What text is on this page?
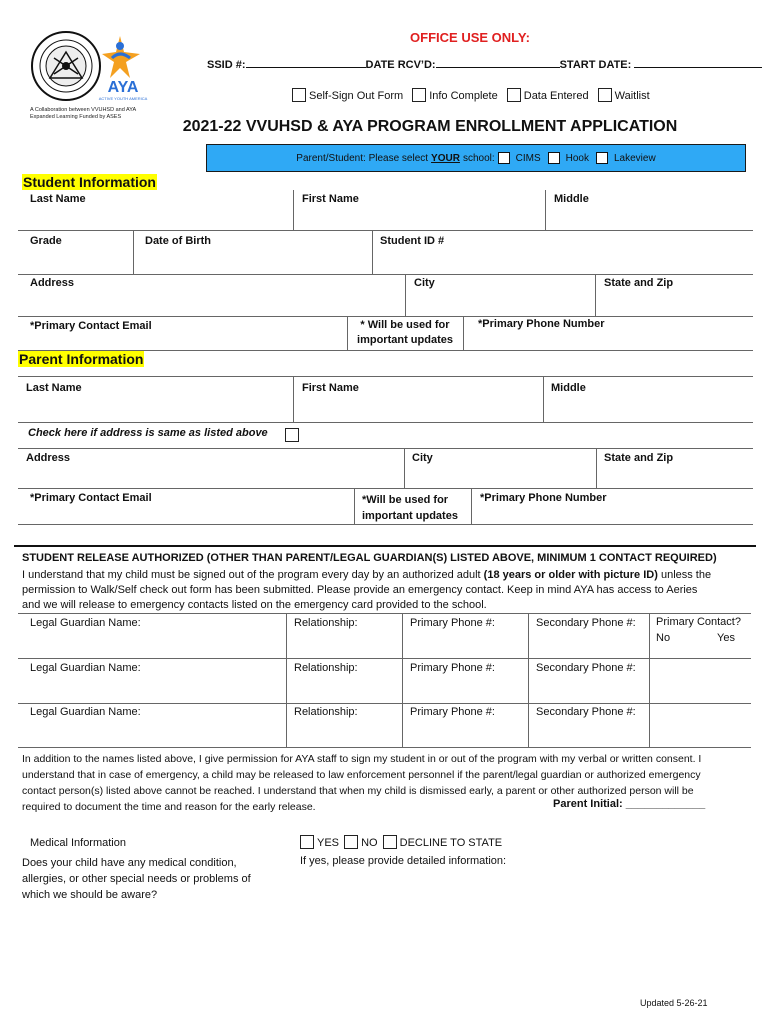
OFFICE USE ONLY:
SSID #:	DATE RCV’D:	START DATE:
Self-Sign Out Form Info Complete Data Entered Waitlist
AYA
ACTIVE YOUTH AMERICA
A Collaboration between VVUHSD and AYA
Expanded Learning Funded by ASES
2021-22 VVUHSD & AYA PROGRAM ENROLLMENT APPLICATION
Parent/Student: Please select YOUR school: CIMS	Hook	Lakeview
Student Information
Last Name	First Name	Middle
Grade	Date of Birth	Student ID #
Address	City	State and Zip
*Primary Contact Email	* Will be used for
important updates
*Primary Phone Number
Parent Information
Last Name	First Name	Middle
Check here if address is same as listed above
Address	City	State and Zip
*Primary Contact Email	*Will be used for
important updates
*Primary Phone Number
STUDENT RELEASE AUTHORIZED (OTHER THAN PARENT/LEGAL GUARDIAN(S) LISTED ABOVE, MINIMUM 1 CONTACT REQUIRED)
I understand that my child must be signed out of the program every day by an authorized adult (18 years or older with picture ID) unless the
permission to Walk/Self check out form has been submitted. Please provide an emergency contact. Keep in mind AYA has access to Aeries
and we will release to emergency contacts listed on the emergency card provided to the school.
Legal Guardian Name:	Relationship:	Primary Phone #:	Secondary Phone #: Primary Contact?
No	Yes
Legal Guardian Name:	Relationship:	Primary Phone #:	Secondary Phone #:
Legal Guardian Name:	Relationship:	Primary Phone #:	Secondary Phone #:
In addition to the names listed above, I give permission for AYA staff to sign my student in or out of the program with my verbal or written consent. I
understand that in case of emergency, a child may be released to law enforcement personnel if the parent/legal guardian or authorized emergency
contact person(s) listed above cannot be reached. I understand that when my child is dismissed early, a parent or other authorized person will be
required to document the time and reason for the early release.	Parent Initial: _____________
Medical Information	YES NO DECLINE TO STATE
Does your child have any medical condition,
allergies, or other special needs or problems of
which we should be aware?
If yes, please provide detailed information:
Updated 5-26-21
